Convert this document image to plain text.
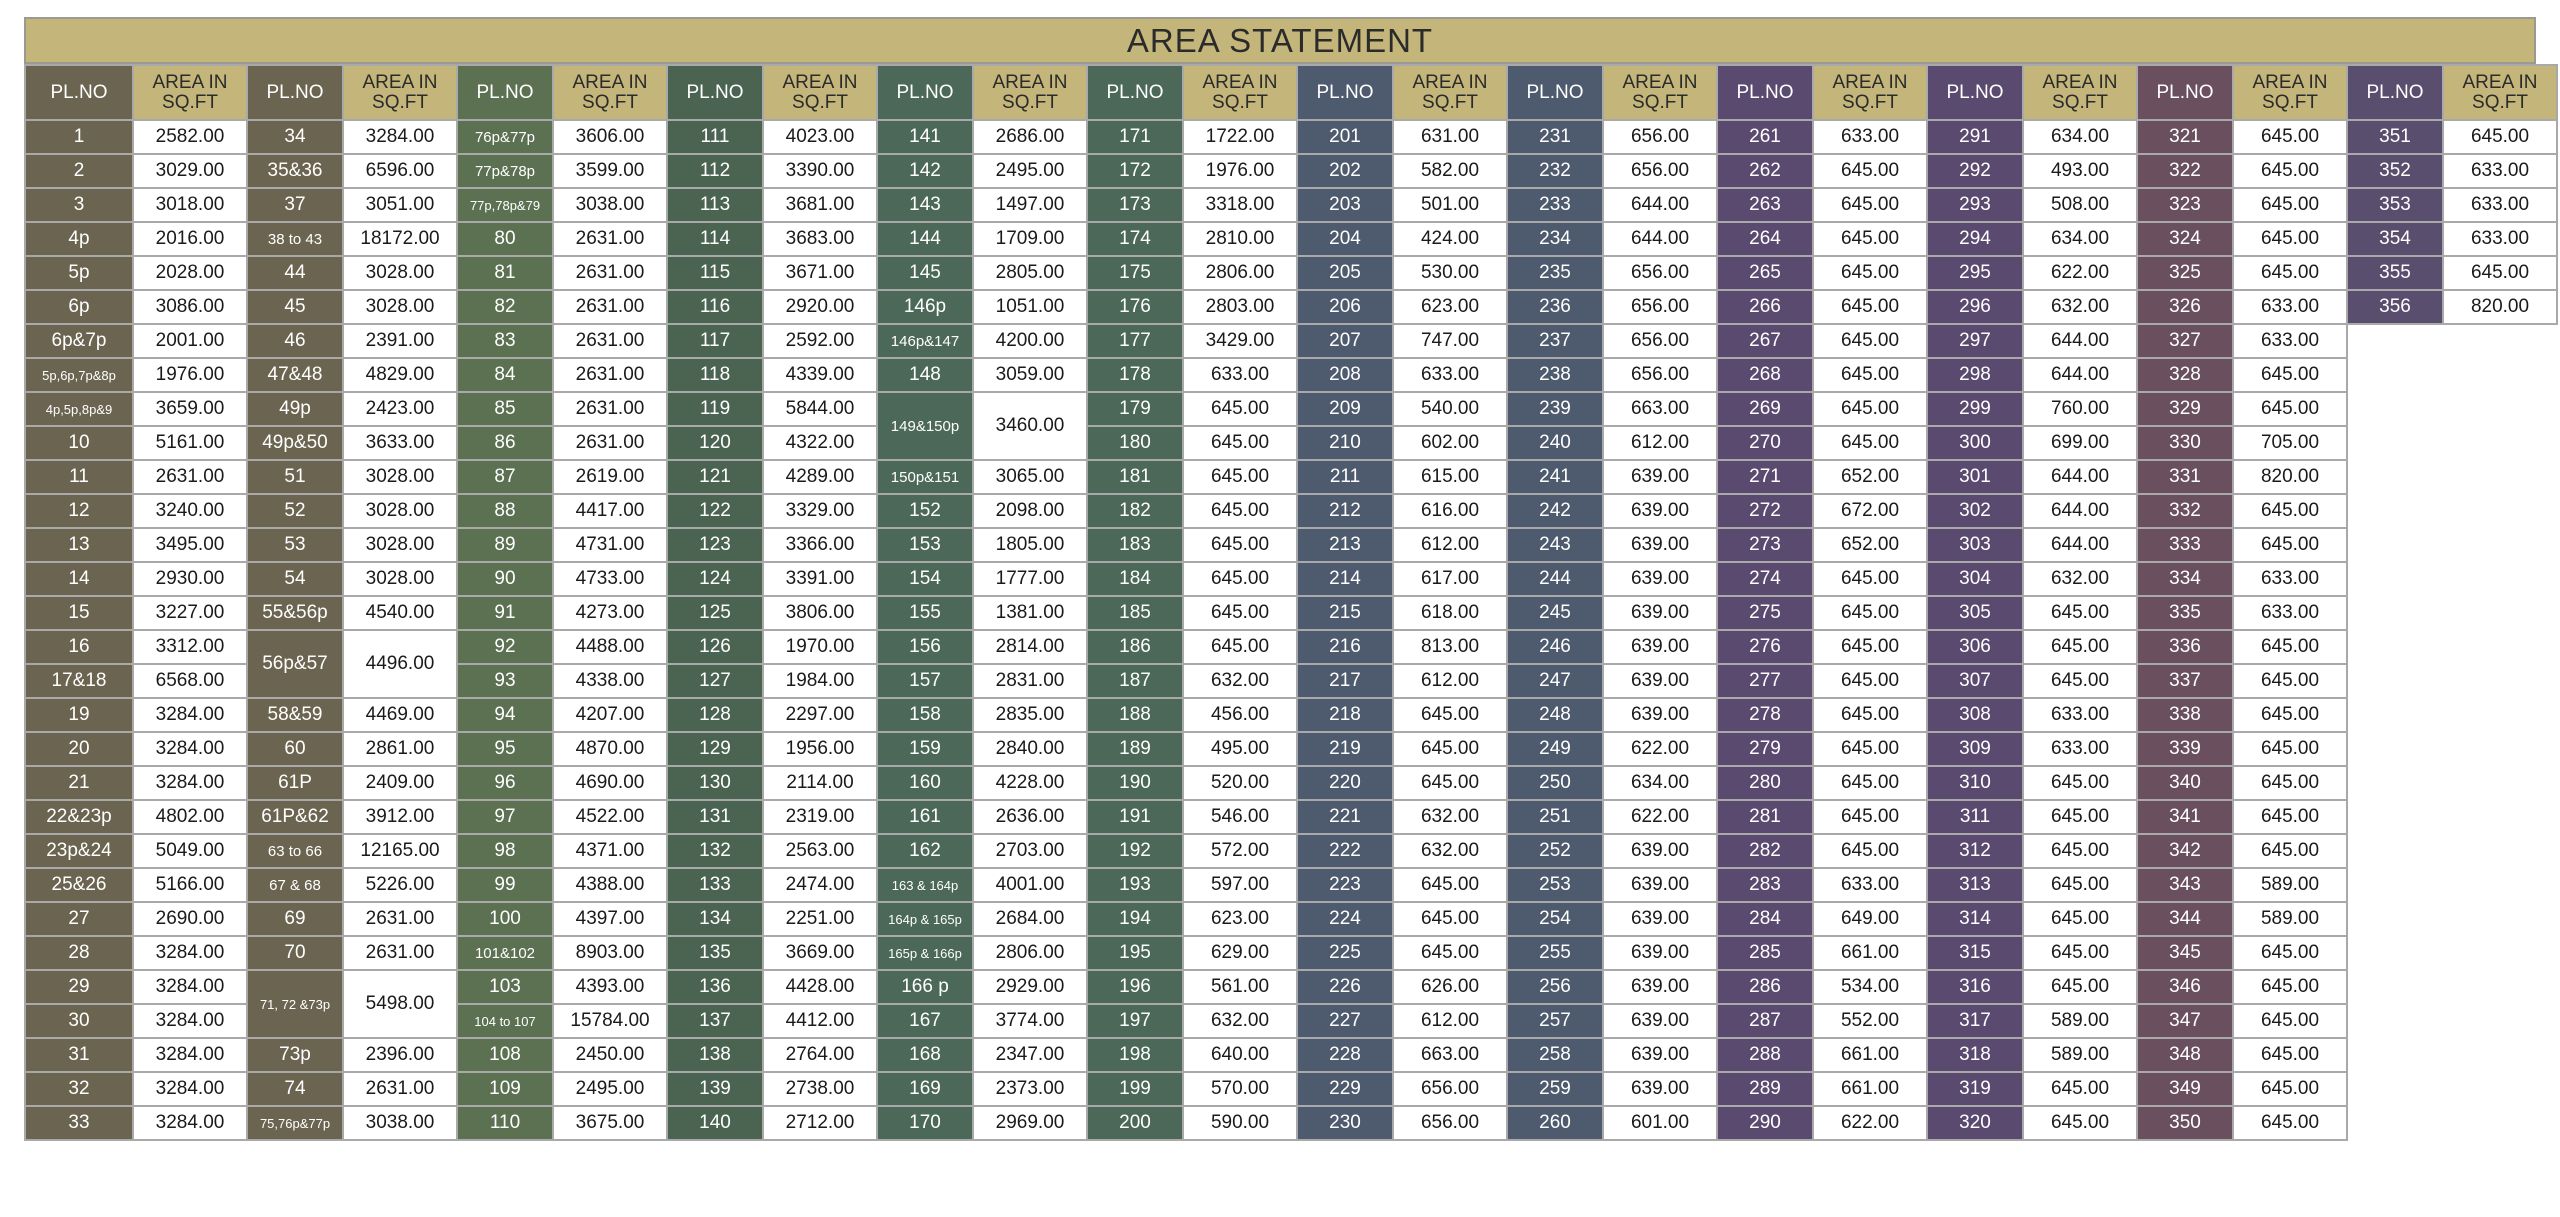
AREA STATEMENT
PL.NO	AREA IN SQ.FT	PL.NO	AREA IN SQ.FT	PL.NO	AREA IN SQ.FT	PL.NO	AREA IN SQ.FT	PL.NO	AREA IN SQ.FT	PL.NO	AREA IN SQ.FT	PL.NO	AREA IN SQ.FT	PL.NO	AREA IN SQ.FT	PL.NO	AREA IN SQ.FT	PL.NO	AREA IN SQ.FT	PL.NO	AREA IN SQ.FT	PL.NO	AREA IN SQ.FT
1	2582.00	34	3284.00	76p&77p	3606.00	111	4023.00	141	2686.00	171	1722.00	201	631.00	231	656.00	261	633.00	291	634.00	321	645.00	351	645.00
2	3029.00	35&36	6596.00	77p&78p	3599.00	112	3390.00	142	2495.00	172	1976.00	202	582.00	232	656.00	262	645.00	292	493.00	322	645.00	352	633.00
3	3018.00	37	3051.00	77p,78p&79	3038.00	113	3681.00	143	1497.00	173	3318.00	203	501.00	233	644.00	263	645.00	293	508.00	323	645.00	353	633.00
4p	2016.00	38 to 43	18172.00	80	2631.00	114	3683.00	144	1709.00	174	2810.00	204	424.00	234	644.00	264	645.00	294	634.00	324	645.00	354	633.00
5p	2028.00	44	3028.00	81	2631.00	115	3671.00	145	2805.00	175	2806.00	205	530.00	235	656.00	265	645.00	295	622.00	325	645.00	355	645.00
6p	3086.00	45	3028.00	82	2631.00	116	2920.00	146p	1051.00	176	2803.00	206	623.00	236	656.00	266	645.00	296	632.00	326	633.00	356	820.00
6p&7p	2001.00	46	2391.00	83	2631.00	117	2592.00	146p&147	4200.00	177	3429.00	207	747.00	237	656.00	267	645.00	297	644.00	327	633.00		
5p,6p,7p&8p	1976.00	47&48	4829.00	84	2631.00	118	4339.00	148	3059.00	178	633.00	208	633.00	238	656.00	268	645.00	298	644.00	328	645.00		
4p,5p,8p&9	3659.00	49p	2423.00	85	2631.00	119	5844.00	149&150p	3460.00	179	645.00	209	540.00	239	663.00	269	645.00	299	760.00	329	645.00		
10	5161.00	49p&50	3633.00	86	2631.00	120	4322.00			180	645.00	210	602.00	240	612.00	270	645.00	300	699.00	330	705.00		
11	2631.00	51	3028.00	87	2619.00	121	4289.00	150p&151	3065.00	181	645.00	211	615.00	241	639.00	271	652.00	301	644.00	331	820.00		
12	3240.00	52	3028.00	88	4417.00	122	3329.00	152	2098.00	182	645.00	212	616.00	242	639.00	272	672.00	302	644.00	332	645.00		
13	3495.00	53	3028.00	89	4731.00	123	3366.00	153	1805.00	183	645.00	213	612.00	243	639.00	273	652.00	303	644.00	333	645.00		
14	2930.00	54	3028.00	90	4733.00	124	3391.00	154	1777.00	184	645.00	214	617.00	244	639.00	274	645.00	304	632.00	334	633.00		
15	3227.00	55&56p	4540.00	91	4273.00	125	3806.00	155	1381.00	185	645.00	215	618.00	245	639.00	275	645.00	305	645.00	335	633.00		
16	3312.00	56p&57	4496.00	92	4488.00	126	1970.00	156	2814.00	186	645.00	216	813.00	246	639.00	276	645.00	306	645.00	336	645.00		
17&18	6568.00			93	4338.00	127	1984.00	157	2831.00	187	632.00	217	612.00	247	639.00	277	645.00	307	645.00	337	645.00		
19	3284.00	58&59	4469.00	94	4207.00	128	2297.00	158	2835.00	188	456.00	218	645.00	248	639.00	278	645.00	308	633.00	338	645.00		
20	3284.00	60	2861.00	95	4870.00	129	1956.00	159	2840.00	189	495.00	219	645.00	249	622.00	279	645.00	309	633.00	339	645.00		
21	3284.00	61P	2409.00	96	4690.00	130	2114.00	160	4228.00	190	520.00	220	645.00	250	634.00	280	645.00	310	645.00	340	645.00		
22&23p	4802.00	61P&62	3912.00	97	4522.00	131	2319.00	161	2636.00	191	546.00	221	632.00	251	622.00	281	645.00	311	645.00	341	645.00		
23p&24	5049.00	63 to 66	12165.00	98	4371.00	132	2563.00	162	2703.00	192	572.00	222	632.00	252	639.00	282	645.00	312	645.00	342	645.00		
25&26	5166.00	67 & 68	5226.00	99	4388.00	133	2474.00	163 & 164p	4001.00	193	597.00	223	645.00	253	639.00	283	633.00	313	645.00	343	589.00		
27	2690.00	69	2631.00	100	4397.00	134	2251.00	164p & 165p	2684.00	194	623.00	224	645.00	254	639.00	284	649.00	314	645.00	344	589.00		
28	3284.00	70	2631.00	101&102	8903.00	135	3669.00	165p & 166p	2806.00	195	629.00	225	645.00	255	639.00	285	661.00	315	645.00	345	645.00		
29	3284.00	71, 72 &73p	5498.00	103	4393.00	136	4428.00	166 p	2929.00	196	561.00	226	626.00	256	639.00	286	534.00	316	645.00	346	645.00		
30	3284.00			104 to 107	15784.00	137	4412.00	167	3774.00	197	632.00	227	612.00	257	639.00	287	552.00	317	589.00	347	645.00		
31	3284.00	73p	2396.00	108	2450.00	138	2764.00	168	2347.00	198	640.00	228	663.00	258	639.00	288	661.00	318	589.00	348	645.00		
32	3284.00	74	2631.00	109	2495.00	139	2738.00	169	2373.00	199	570.00	229	656.00	259	639.00	289	661.00	319	645.00	349	645.00		
33	3284.00	75,76p&77p	3038.00	110	3675.00	140	2712.00	170	2969.00	200	590.00	230	656.00	260	601.00	290	622.00	320	645.00	350	645.00		
